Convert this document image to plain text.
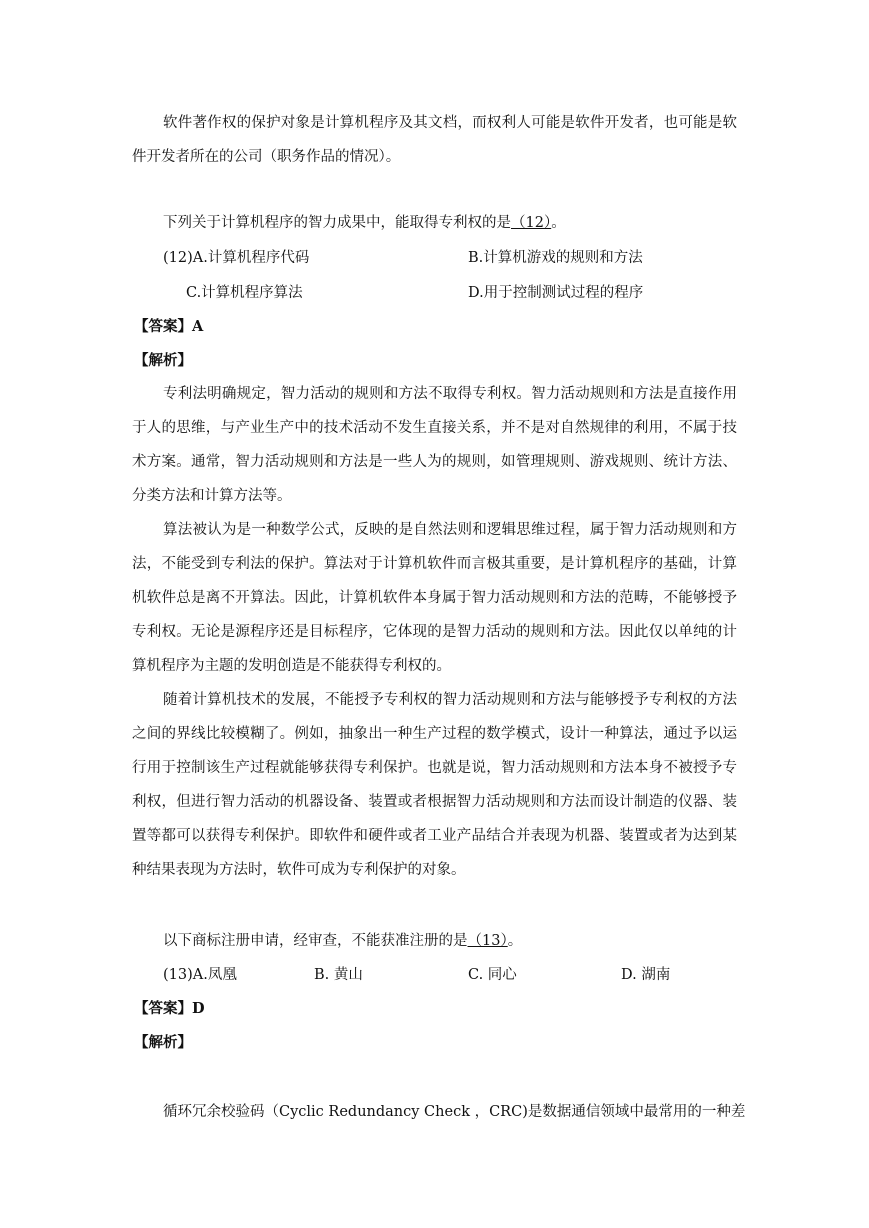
软件著作权的保护对象是计算机程序及其文档，而权利人可能是软件开发者，也可能是软件开发者所在的公司（职务作品的情况）。

下列关于计算机程序的智力成果中，能取得专利权的是（12）。
(12)A.计算机程序代码	B.计算机游戏的规则和方法
C.计算机程序算法	D.用于控制测试过程的程序
【答案】A
【解析】

专利法明确规定，智力活动的规则和方法不取得专利权。智力活动规则和方法是直接作用于人的思维，与产业生产中的技术活动不发生直接关系，并不是对自然规律的利用，不属于技术方案。通常，智力活动规则和方法是一些人为的规则，如管理规则、游戏规则、统计方法、分类方法和计算方法等。

算法被认为是一种数学公式，反映的是自然法则和逻辑思维过程，属于智力活动规则和方法，不能受到专利法的保护。算法对于计算机软件而言极其重要，是计算机程序的基础，计算机软件总是离不开算法。因此，计算机软件本身属于智力活动规则和方法的范畴，不能够授予专利权。无论是源程序还是目标程序，它体现的是智力活动的规则和方法。因此仅以单纯的计算机程序为主题的发明创造是不能获得专利权的。

随着计算机技术的发展，不能授予专利权的智力活动规则和方法与能够授予专利权的方法之间的界线比较模糊了。例如，抽象出一种生产过程的数学模式，设计一种算法，通过予以运行用于控制该生产过程就能够获得专利保护。也就是说，智力活动规则和方法本身不被授予专利权，但进行智力活动的机器设备、装置或者根据智力活动规则和方法而设计制造的仪器、装置等都可以获得专利保护。即软件和硬件或者工业产品结合并表现为机器、装置或者为达到某种结果表现为方法时，软件可成为专利保护的对象。

以下商标注册申请，经审查，不能获准注册的是（13）。
(13)A.凤凰	B. 黄山	C. 同心	D. 湖南
【答案】D
【解析】
循环冗余校验码（Cyclic Redundancy Check ，CRC)是数据通信领域中最常用的一种差
